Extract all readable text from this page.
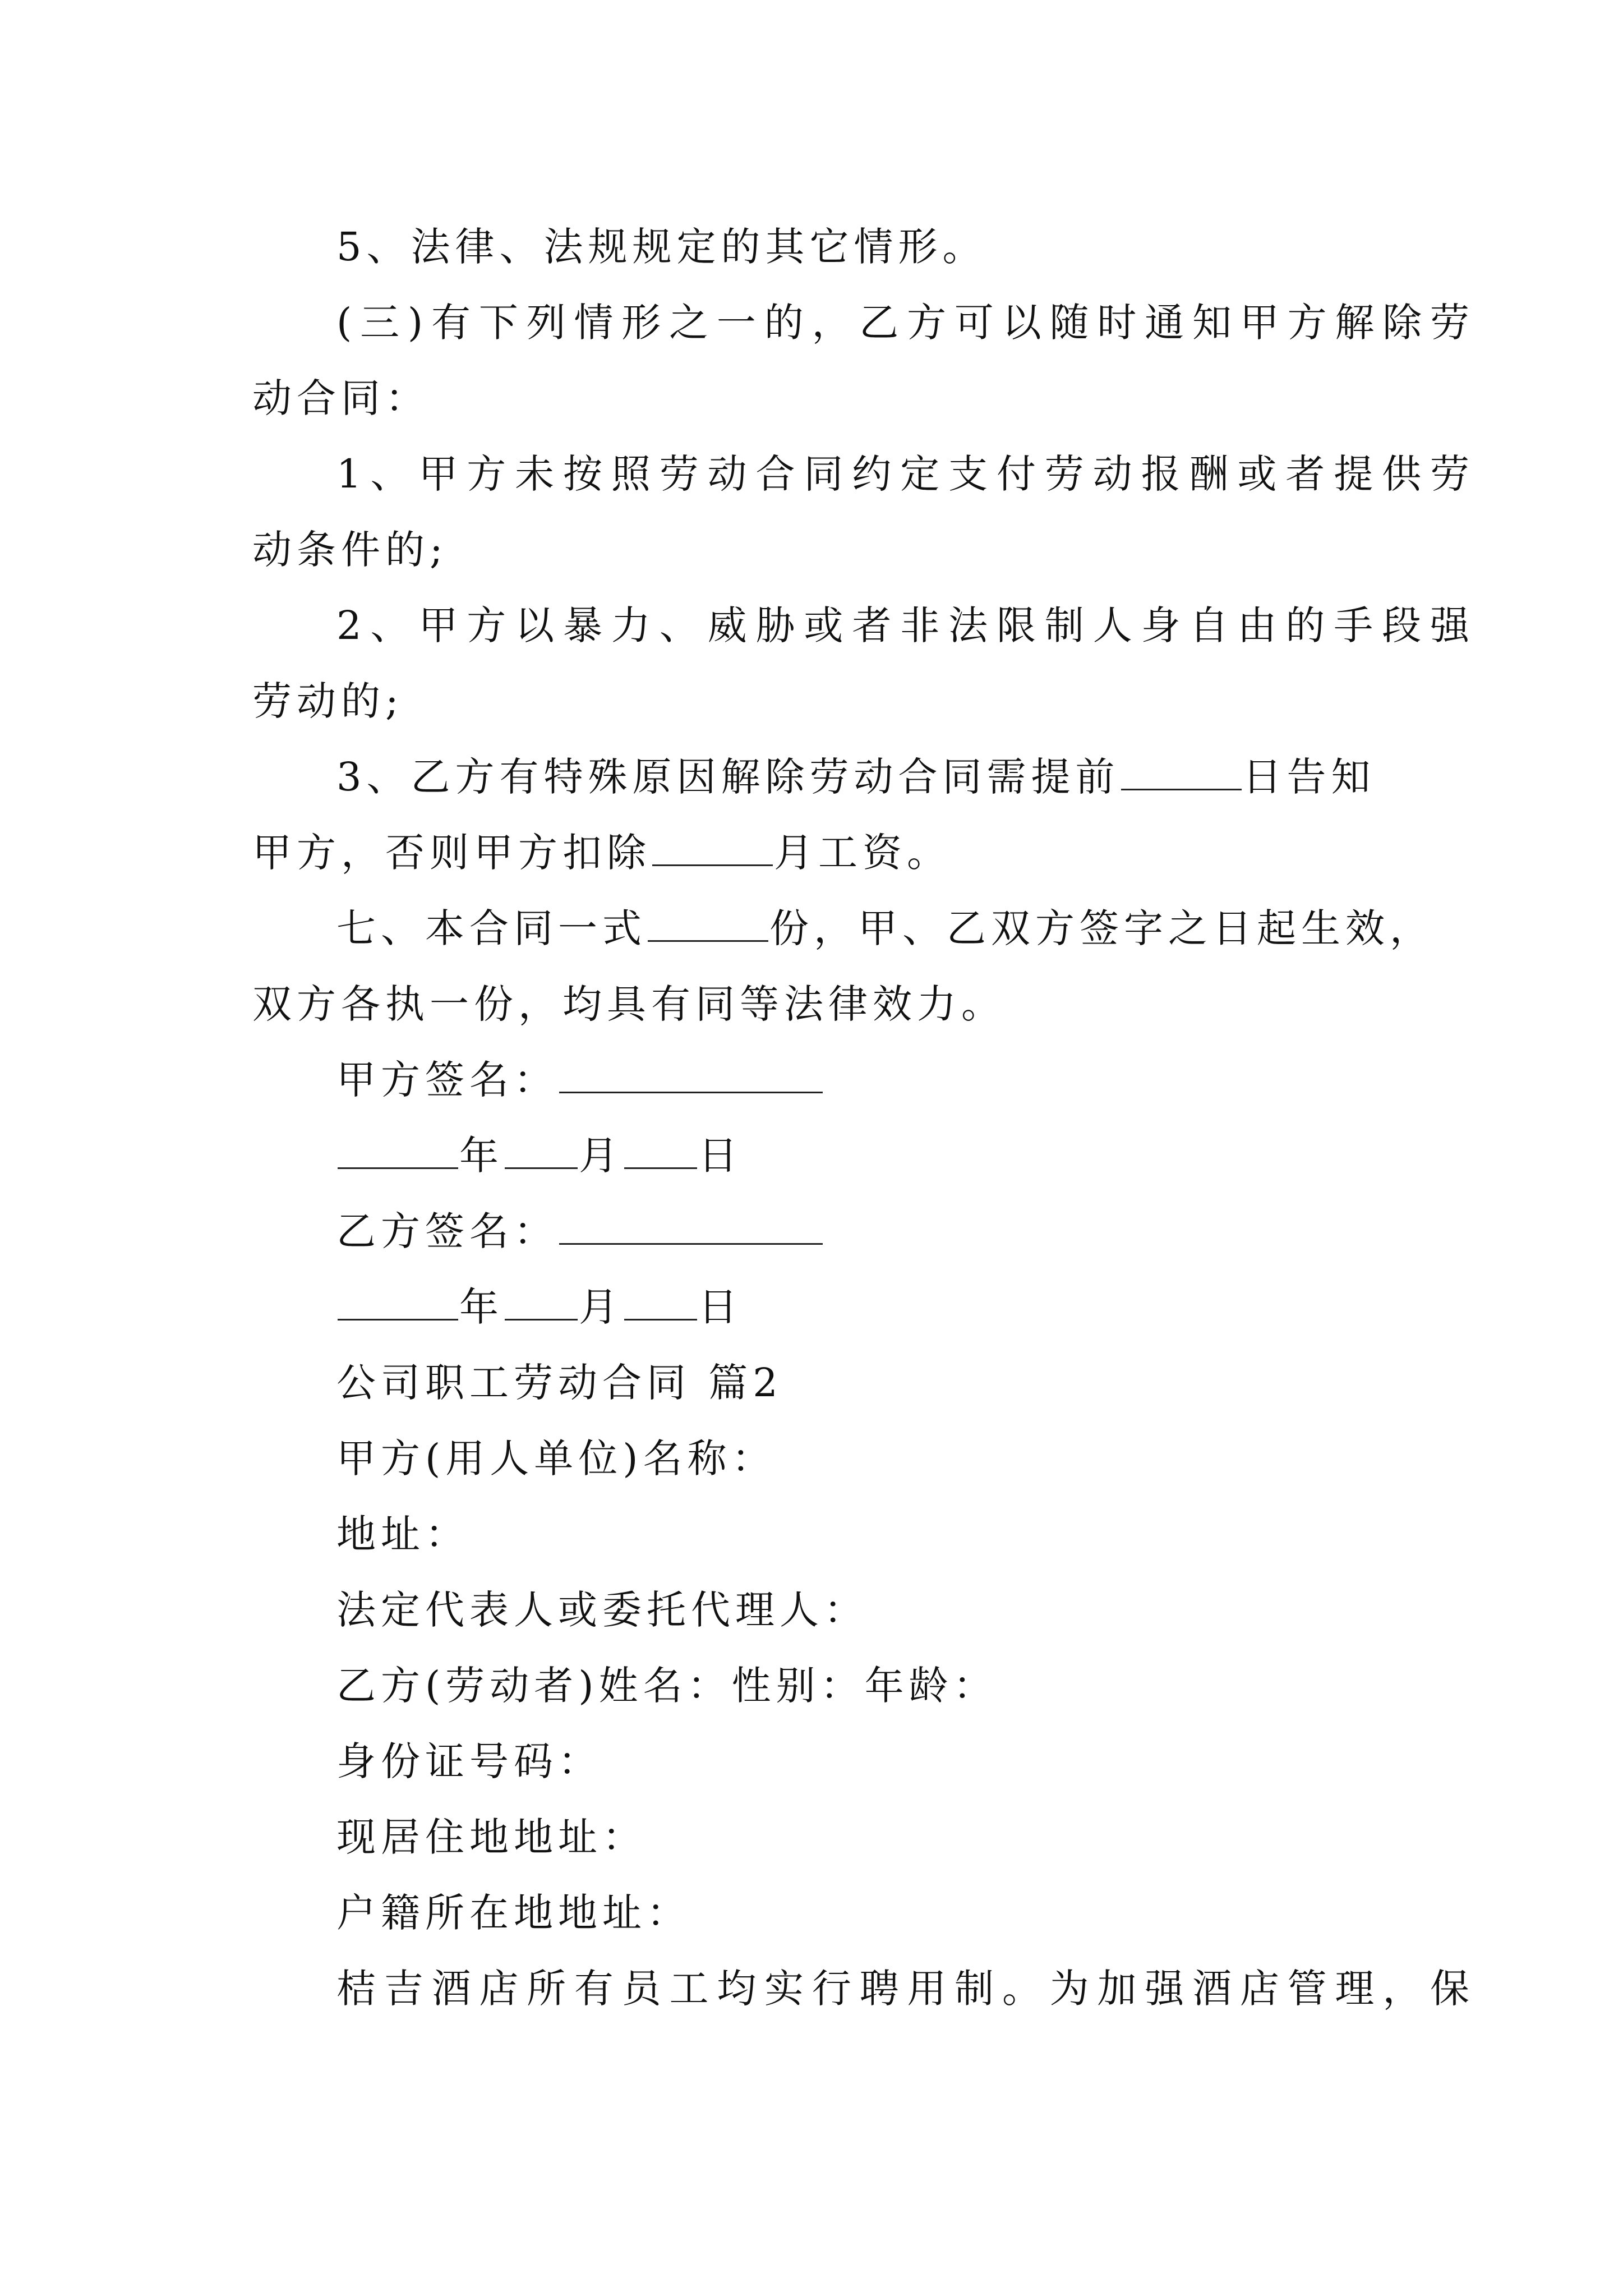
5、法律、法规规定的其它情形。
(三)有下列情形之一的，乙方可以随时通知甲方解除劳
动合同：
1、甲方未按照劳动合同约定支付劳动报酬或者提供劳
动条件的;
2、甲方以暴力、威胁或者非法限制人身自由的手段强
劳动的;
3、乙方有特殊原因解除劳动合同需提前	日告知
甲方，否则甲方扣除	月工资。
七、本合同一式	份，甲、乙双方签字之日起生效，
双方各执一份，均具有同等法律效力。
甲方签名：
年 月 日
乙方签名：
年 月 日
公司职工劳动合同 篇2
甲方(用人单位)名称：
地址：
法定代表人或委托代理人：
乙方(劳动者)姓名：性别：年龄：
身份证号码：
现居住地地址：
户籍所在地地址：
桔吉酒店所有员工均实行聘用制。为加强酒店管理，保
